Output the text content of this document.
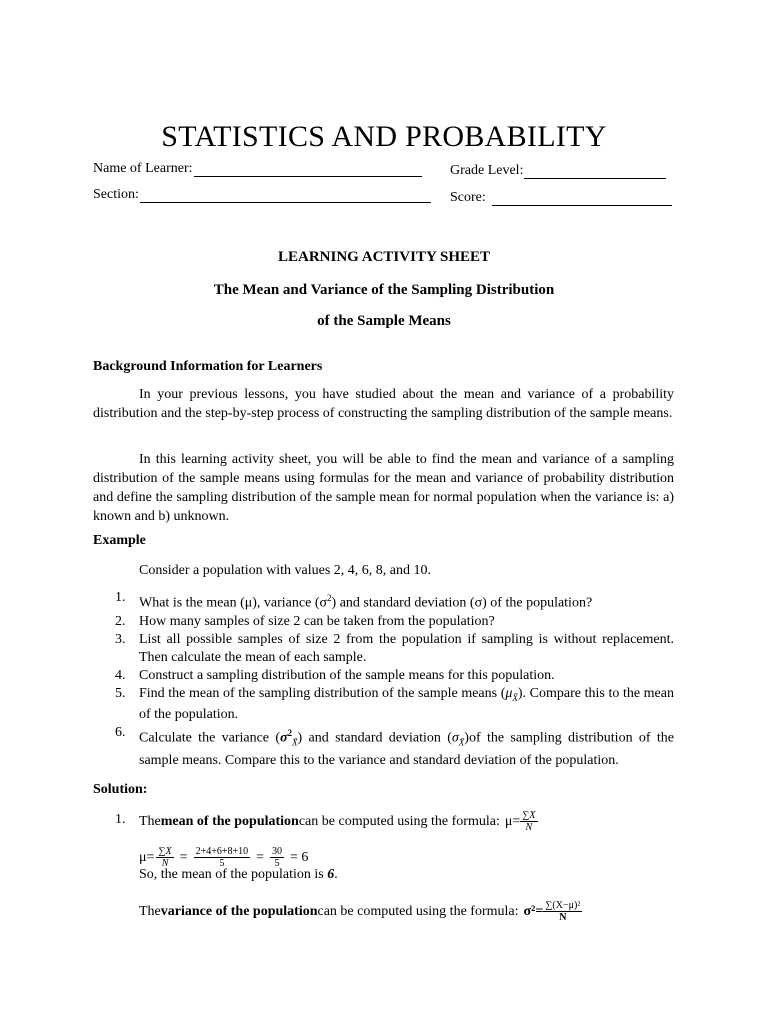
STATISTICS AND PROBABILITY
Name of Learner:	Grade Level:
Section:	Score:
LEARNING ACTIVITY SHEET
The Mean and Variance of the Sampling Distribution
of the Sample Means
Background Information for Learners
In your previous lessons, you have studied about the mean and variance of a probability distribution and the step-by-step process of constructing the sampling distribution of the sample means.
In this learning activity sheet, you will be able to find the mean and variance of a sampling distribution of the sample means using formulas for the mean and variance of probability distribution and define the sampling distribution of the sample mean for normal population when the variance is: a) known and b) unknown.
Example
Consider a population with values 2, 4, 6, 8, and 10.
1. What is the mean (μ), variance $(\sigma^2)$ and standard deviation (σ) of the population?
2. How many samples of size 2 can be taken from the population?
3. List all possible samples of size 2 from the population if sampling is without replacement. Then calculate the mean of each sample.
4. Construct a sampling distribution of the sample means for this population.
5. Find the mean of the sampling distribution of the sample means $(\mu_{X̄})$. Compare this to the mean of the population.
6. Calculate the variance $(\sigma^2_{X̄})$ and standard deviation $(\sigma_{X̄})of$ the sampling distribution of the sample means. Compare this to the variance and standard deviation of the population.
Solution:
1. The mean of the population can be computed using the formula: $\mu= \frac{\sum X}{N}$
$\mu= \frac{\sum X}{N} = \frac{2+4+6+8+10}{5} = \frac{30}{5} = 6$
So, the mean of the population is 6.
The variance of the population can be computed using the formula: $\sigma^2= \frac{\text{∑(X−μ)²}}{N}$
